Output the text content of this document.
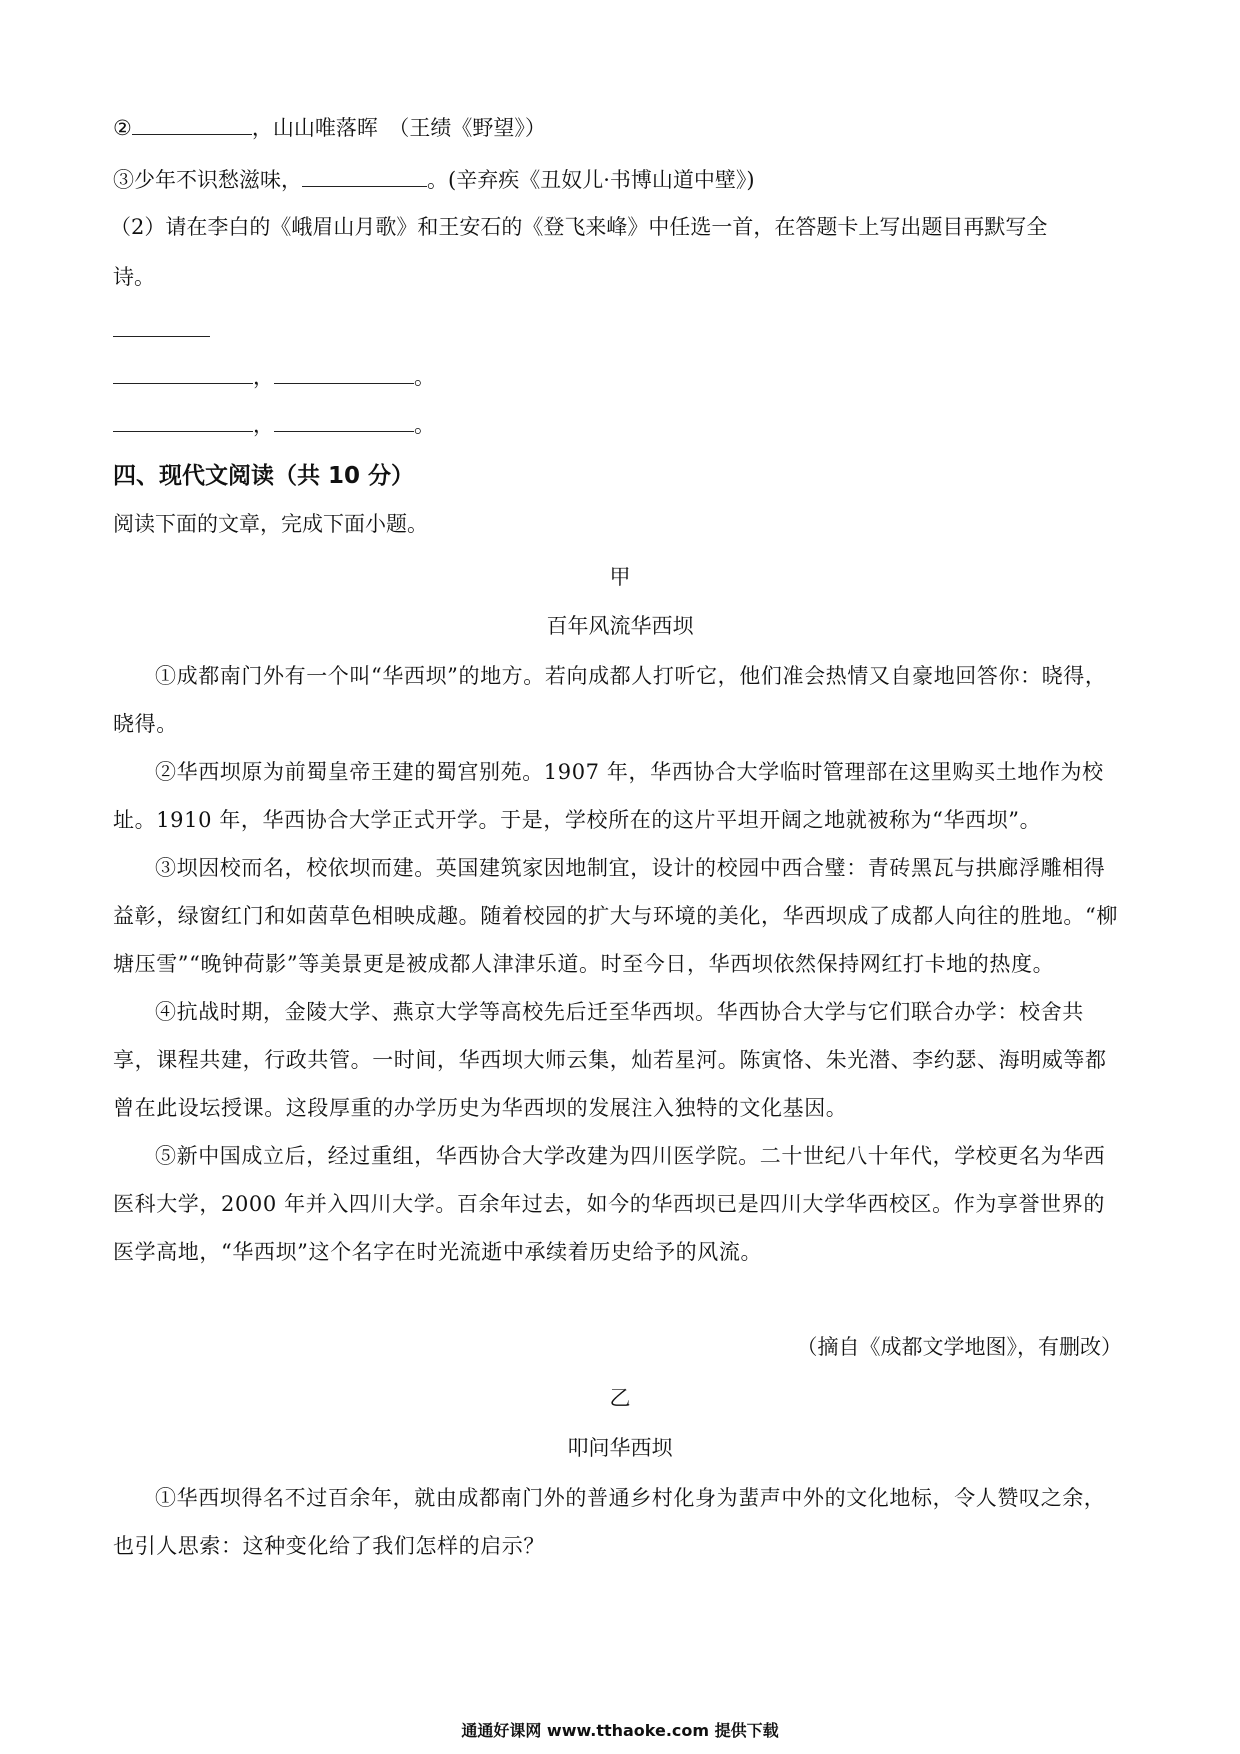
②	，山山唯落晖　（王绩《野望》）
③少年不识愁滋味，	。(辛弃疾《丑奴儿·书博山道中壁》)
（2）请在李白的《峨眉山月歌》和王安石的《登飞来峰》中任选一首，在答题卡上写出题目再默写全
诗。
，	。
，	。
四、现代文阅读（共 10 分）
阅读下面的文章，完成下面小题。
甲
百年风流华西坝

①成都南门外有一个叫“华西坝”的地方。若向成都人打听它，他们准会热情又自豪地回答你：晓得，晓得。

②华西坝原为前蜀皇帝王建的蜀宫别苑。1907 年，华西协合大学临时管理部在这里购买土地作为校址。1910 年，华西协合大学正式开学。于是，学校所在的这片平坦开阔之地就被称为“华西坝”。

③坝因校而名，校依坝而建。英国建筑家因地制宜，设计的校园中西合璧：青砖黑瓦与拱廊浮雕相得益彰，绿窗红门和如茵草色相映成趣。随着校园的扩大与环境的美化，华西坝成了成都人向往的胜地。“柳塘压雪”“晚钟荷影”等美景更是被成都人津津乐道。时至今日，华西坝依然保持网红打卡地的热度。

④抗战时期，金陵大学、燕京大学等高校先后迁至华西坝。华西协合大学与它们联合办学：校舍共享，课程共建，行政共管。一时间，华西坝大师云集，灿若星河。陈寅恪、朱光潜、李约瑟、海明威等都曾在此设坛授课。这段厚重的办学历史为华西坝的发展注入独特的文化基因。

⑤新中国成立后，经过重组，华西协合大学改建为四川医学院。二十世纪八十年代，学校更名为华西医科大学，2000 年并入四川大学。百余年过去，如今的华西坝已是四川大学华西校区。作为享誉世界的医学高地，“华西坝”这个名字在时光流逝中承续着历史给予的风流。

（摘自《成都文学地图》，有删改）
乙
叩问华西坝

①华西坝得名不过百余年，就由成都南门外的普通乡村化身为蜚声中外的文化地标，令人赞叹之余，也引人思索：这种变化给了我们怎样的启示？

通通好课网 www.tthaoke.com 提供下载
